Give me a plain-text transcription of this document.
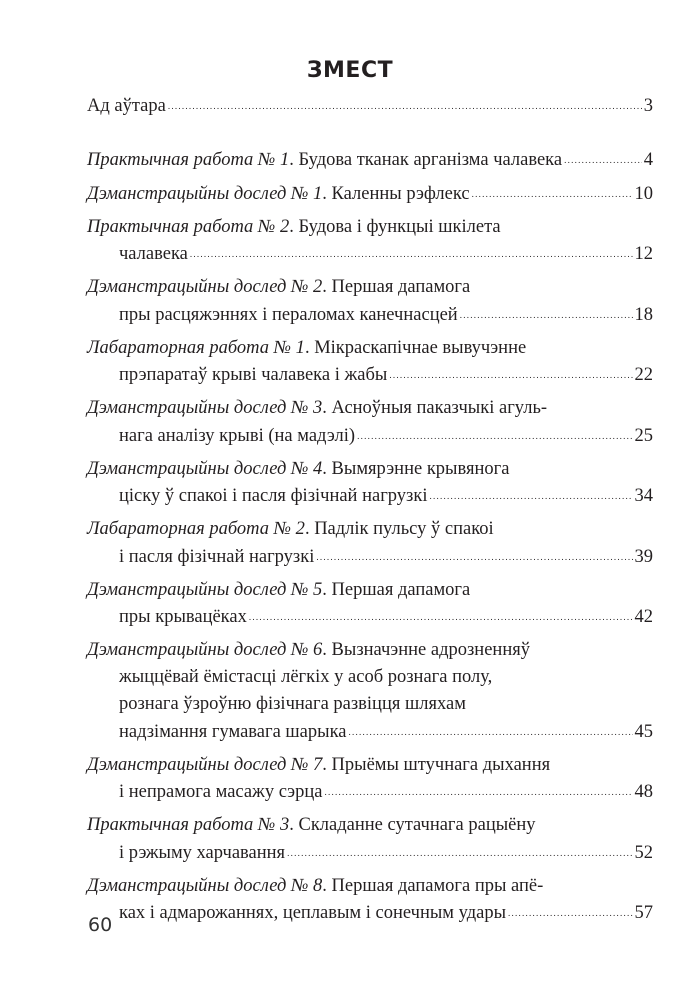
ЗМЕСТ
Ад аўтара . . .	3
Практычная работа № 1 . Будова тканак арганізма чалавека . . .	4
Дэманстрацыйны дослед № 1 . Каленны рэфлекс . . .	10
Практычная работа № 2 . Будова і функцыі шкілета
чалавека . . .	12
Дэманстрацыйны дослед № 2 . Першая дапамога
пры расцяжэннях і пераломах канечнасцей . . .	18
Лабараторная работа № 1 . Мікраскапічнае вывучэнне
прэпаратаў крыві чалавека і жабы . . .	22
Дэманстрацыйны дослед № 3 . Асноўныя паказчыкі агуль-
нага аналізу крыві (на мадэлі) . . .	25
Дэманстрацыйны дослед № 4 . Вымярэнне крывянога
ціску ў спакоі і пасля фізічнай нагрузкі . . .	34
Лабараторная работа № 2 . Падлік пульсу ў спакоі
і пасля фізічнай нагрузкі . . .	39
Дэманстрацыйны дослед № 5 . Першая дапамога
пры крывацёках . . .	42
Дэманстрацыйны дослед № 6 . Вызначэнне адрозненняў
жыццёвай ёмістасці лёгкіх у асоб рознага полу,
рознага ўзроўню фізічнага развіцця шляхам
надзімання гумавага шарыка . . .	45
Дэманстрацыйны дослед № 7 . Прыёмы штучнага дыхання
і непрамога масажу сэрца . . .	48
Практычная работа № 3 . Складанне сутачнага рацыёну
і рэжыму харчавання . . .	52
Дэманстрацыйны дослед № 8 . Першая дапамога пры апё-
ках і адмарожаннях, цеплавым і сонечным удары . . .	57
60
